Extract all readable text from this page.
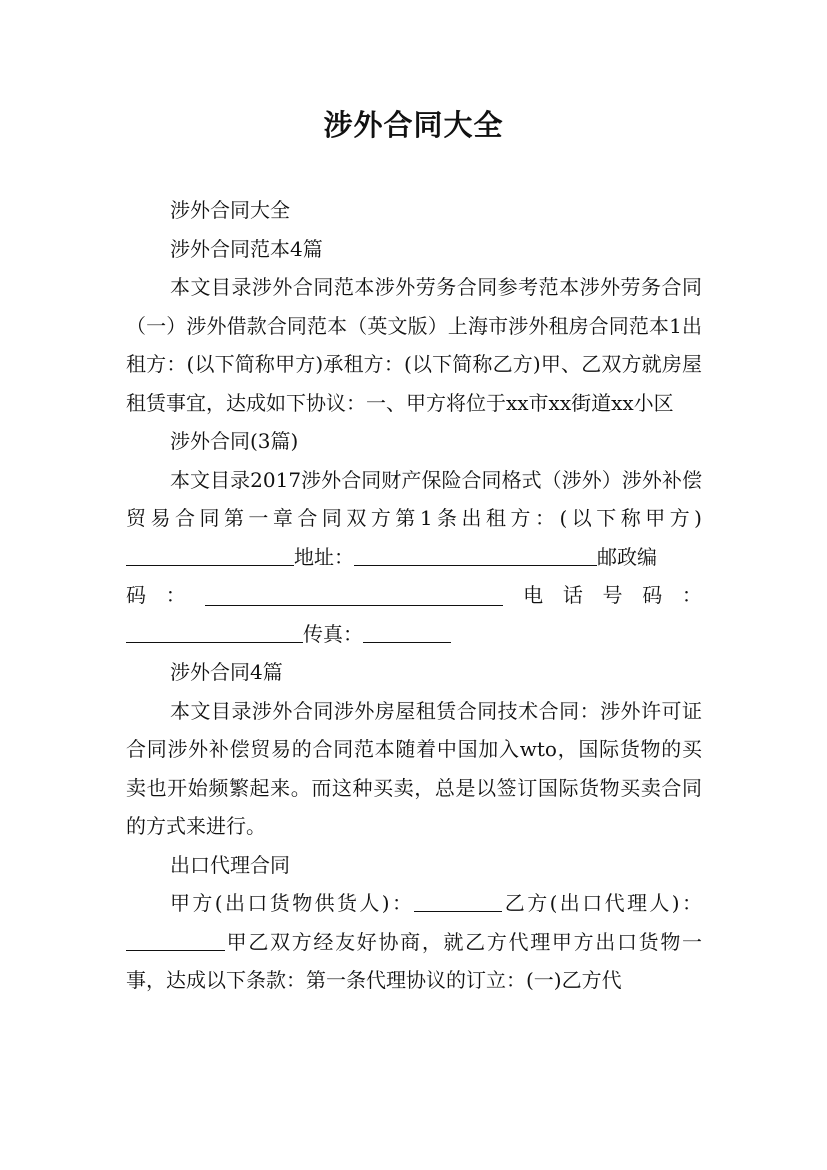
涉外合同大全

涉外合同大全

涉外合同范本4篇

本文目录涉外合同范本涉外劳务合同参考范本涉外劳务合同（一）涉外借款合同范本（英文版）上海市涉外租房合同范本1出租方：(以下简称甲方)承租方：(以下简称乙方)甲、乙双方就房屋租赁事宜，达成如下协议：一、甲方将位于xx市xx街道xx小区

涉外合同(3篇)

本文目录2017涉外合同财产保险合同格式（涉外）涉外补偿贸易合同第一章合同双方第1条出租方：(以下称甲方)地址：	邮政编

码 ：	电 话 号 码 ：

传真：

涉外合同4篇

本文目录涉外合同涉外房屋租赁合同技术合同：涉外许可证合同涉外补偿贸易的合同范本随着中国加入wto，国际货物的买卖也开始频繁起来。而这种买卖，总是以签订国际货物买卖合同的方式来进行。

出口代理合同

甲方(出口货物供货人)：	乙方(出口代理人)：甲乙双方经友好协商，就乙方代理甲方出口货物一事，达成以下条款：第一条代理协议的订立：(一)乙方代
